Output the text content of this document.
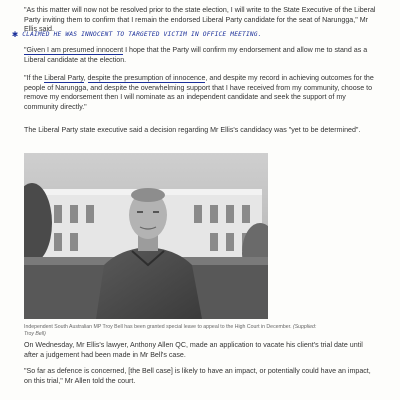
"As this matter will now not be resolved prior to the state election, I will write to the State Executive of the Liberal Party inviting them to confirm that I remain the endorsed Liberal Party candidate for the seat of Narungga," Mr Ellis said.

✱ CLAIMED HE WAS INNOCENT TO TARGETED VICTIM IN OFFICE MEETING.

"Given I am presumed innocent I hope that the Party will confirm my endorsement and allow me to stand as a Liberal candidate at the election.

"If the Liberal Party, despite the presumption of innocence, and despite my record in achieving outcomes for the people of Narungga, and despite the overwhelming support that I have received from my community, choose to remove my endorsement then I will nominate as an independent candidate and seek the support of my community directly."

The Liberal Party state executive said a decision regarding Mr Ellis's candidacy was "yet to be determined".

Independent South Australian MP Troy Bell has been granted special leave to appeal to the High Court in December. (Supplied: Troy Bell)

On Wednesday, Mr Ellis's lawyer, Anthony Allen QC, made an application to vacate his client's trial date until after a judgement had been made in Mr Bell's case.

"So far as defence is concerned, [the Bell case] is likely to have an impact, or potentially could have an impact, on this trial," Mr Allen told the court.
